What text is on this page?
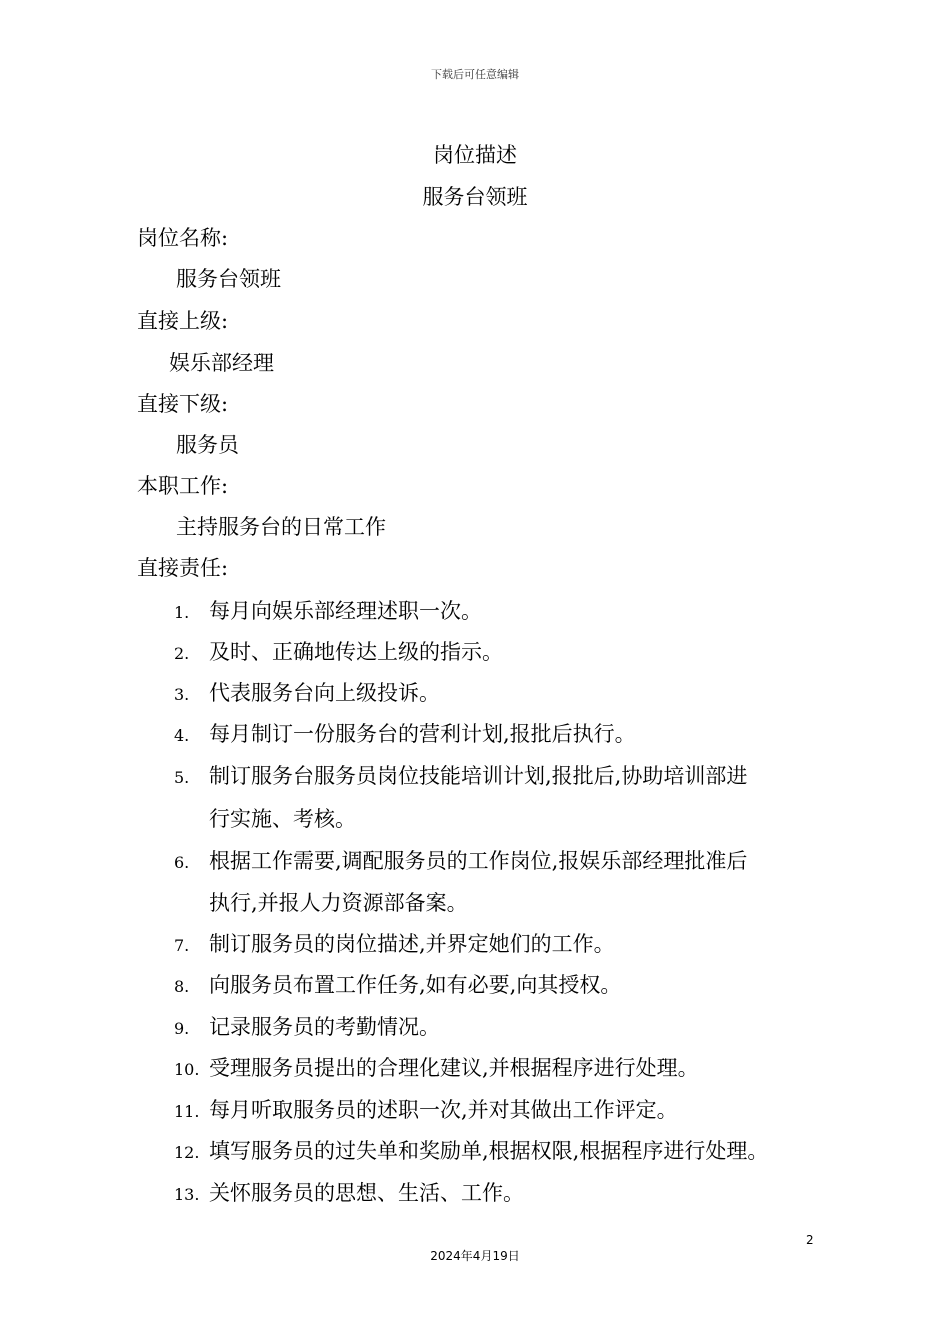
下载后可任意编辑
岗位描述
服务台领班
岗位名称:
服务台领班
直接上级:
娱乐部经理
直接下级:
服务员
本职工作:
主持服务台的日常工作
直接责任:
1. 每月向娱乐部经理述职一次。
2. 及时、正确地传达上级的指示。
3. 代表服务台向上级投诉。
4. 每月制订一份服务台的营利计划,报批后执行。
5. 制订服务台服务员岗位技能培训计划,报批后,协助培训部进
行实施、考核。
6. 根据工作需要,调配服务员的工作岗位,报娱乐部经理批准后
执行,并报人力资源部备案。
7. 制订服务员的岗位描述,并界定她们的工作。
8. 向服务员布置工作任务,如有必要,向其授权。
9. 记录服务员的考勤情况。
10. 受理服务员提出的合理化建议,并根据程序进行处理。
11. 每月听取服务员的述职一次,并对其做出工作评定。
12. 填写服务员的过失单和奖励单,根据权限,根据程序进行处理。
13. 关怀服务员的思想、生活、工作。
2
2024年4月19日
